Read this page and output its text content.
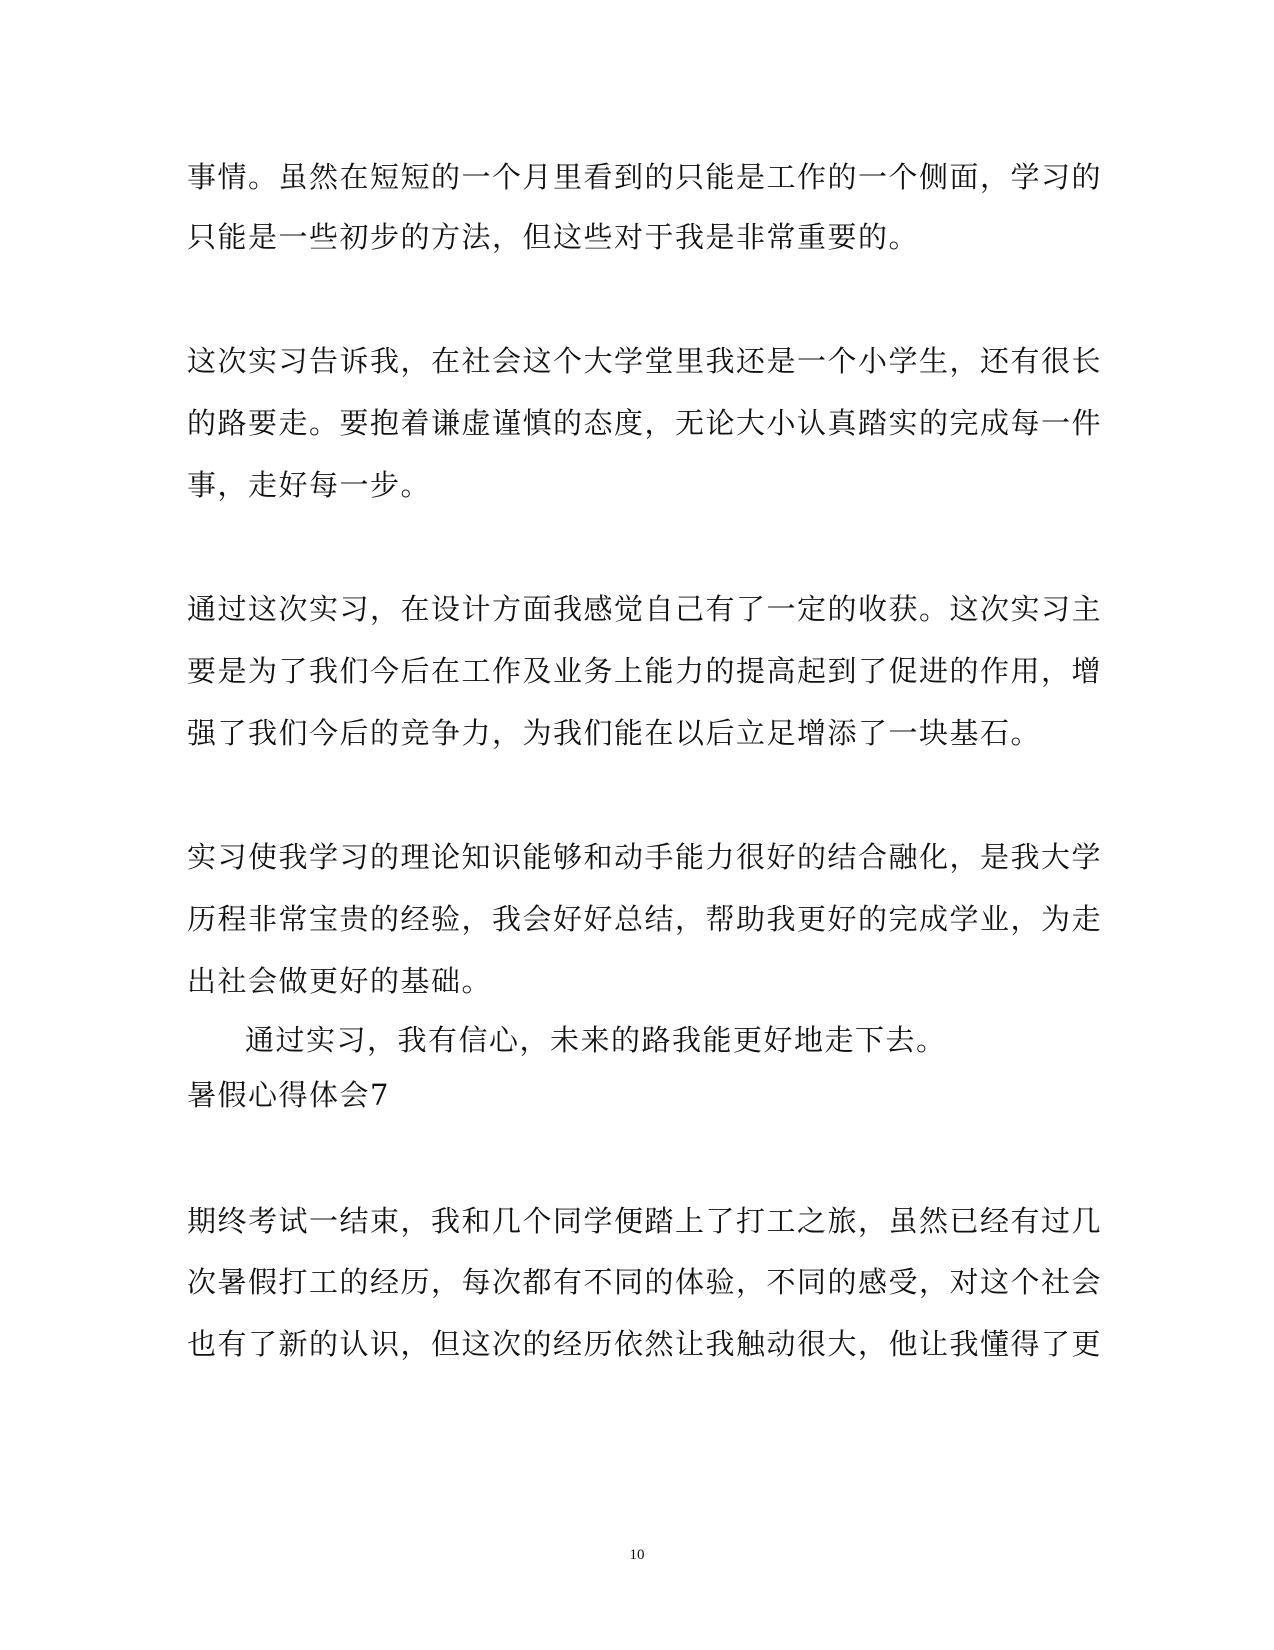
事情。虽然在短短的一个月里看到的只能是工作的一个侧面，学习的
只能是一些初步的方法，但这些对于我是非常重要的。
这次实习告诉我，在社会这个大学堂里我还是一个小学生，还有很长
的路要走。要抱着谦虚谨慎的态度，无论大小认真踏实的完成每一件
事，走好每一步。
通过这次实习，在设计方面我感觉自己有了一定的收获。这次实习主
要是为了我们今后在工作及业务上能力的提高起到了促进的作用，增
强了我们今后的竞争力，为我们能在以后立足增添了一块基石。
实习使我学习的理论知识能够和动手能力很好的结合融化，是我大学
历程非常宝贵的经验，我会好好总结，帮助我更好的完成学业，为走
出社会做更好的基础。
通过实习，我有信心，未来的路我能更好地走下去。
暑假心得体会7
期终考试一结束，我和几个同学便踏上了打工之旅，虽然已经有过几
次暑假打工的经历，每次都有不同的体验，不同的感受，对这个社会
也有了新的认识，但这次的经历依然让我触动很大，他让我懂得了更
10
